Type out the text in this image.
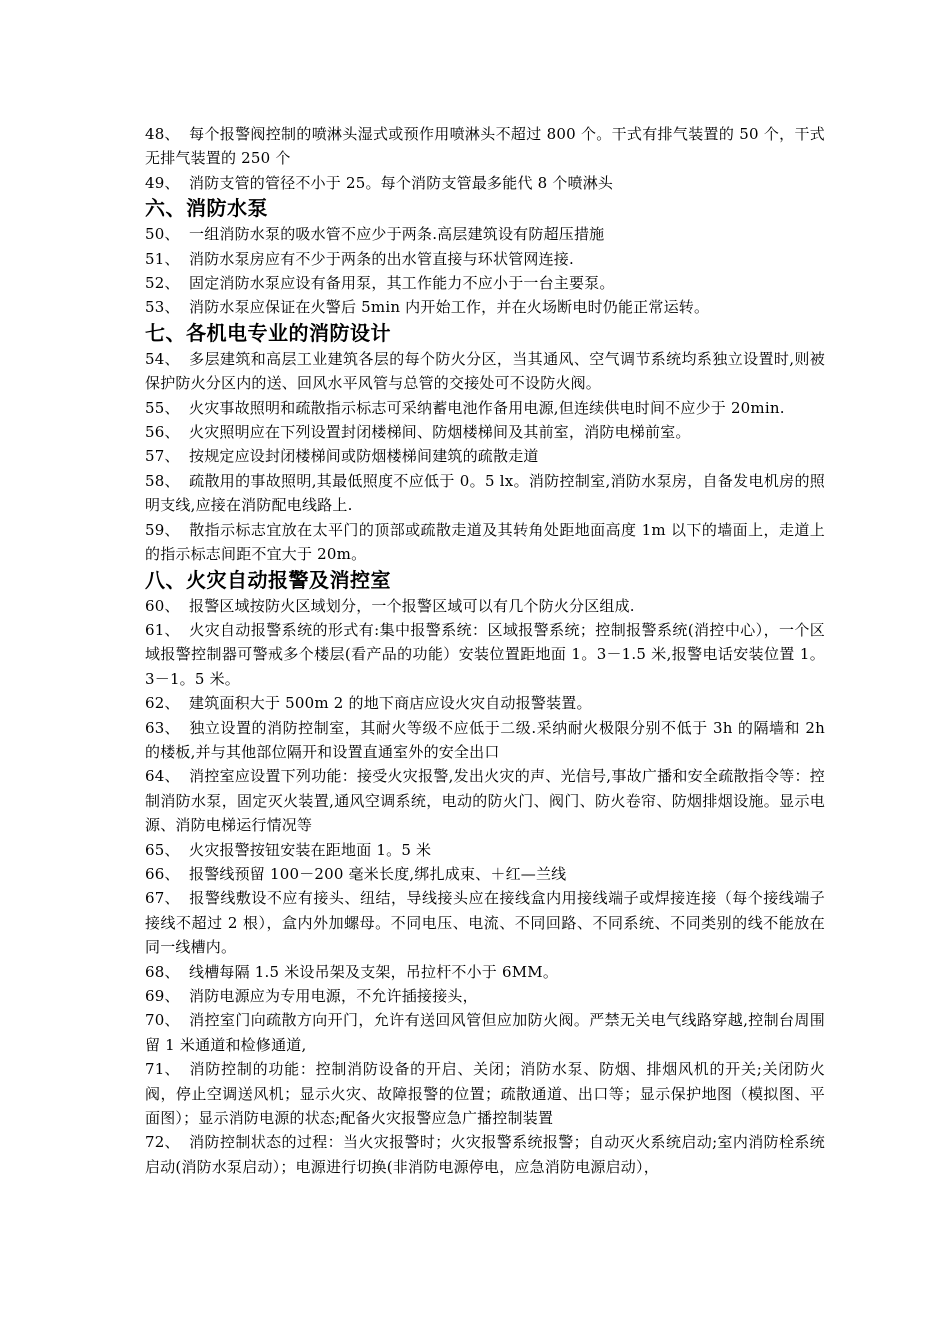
48、 每个报警阀控制的喷淋头湿式或预作用喷淋头不超过 800 个。干式有排气装置的 50 个，干式无排气装置的 250 个

49、 消防支管的管径不小于 25。每个消防支管最多能代 8 个喷淋头

六、消防水泵

50、 一组消防水泵的吸水管不应少于两条.高层建筑设有防超压措施

51、 消防水泵房应有不少于两条的出水管直接与环状管网连接.

52、 固定消防水泵应设有备用泵，其工作能力不应小于一台主要泵。

53、 消防水泵应保证在火警后 5min 内开始工作，并在火场断电时仍能正常运转。

七、各机电专业的消防设计

54、 多层建筑和高层工业建筑各层的每个防火分区，当其通风、空气调节系统均系独立设置时,则被保护防火分区内的送、回风水平风管与总管的交接处可不设防火阀。

55、 火灾事故照明和疏散指示标志可采纳蓄电池作备用电源,但连续供电时间不应少于 20min.

56、 火灾照明应在下列设置封闭楼梯间、防烟楼梯间及其前室，消防电梯前室。

57、 按规定应设封闭楼梯间或防烟楼梯间建筑的疏散走道

58、 疏散用的事故照明,其最低照度不应低于 0。5 lx。消防控制室,消防水泵房，自备发电机房的照明支线,应接在消防配电线路上.

59、 散指示标志宜放在太平门的顶部或疏散走道及其转角处距地面高度 1m 以下的墙面上，走道上的指示标志间距不宜大于 20m。

八、火灾自动报警及消控室

60、 报警区域按防火区域划分，一个报警区域可以有几个防火分区组成.

61、 火灾自动报警系统的形式有:集中报警系统：区域报警系统；控制报警系统(消控中心），一个区域报警控制器可警戒多个楼层(看产品的功能）安装位置距地面 1。3－1.5 米,报警电话安装位置 1。3－1。5 米。

62、 建筑面积大于 500m 2 的地下商店应设火灾自动报警装置。

63、 独立设置的消防控制室，其耐火等级不应低于二级.采纳耐火极限分别不低于 3h 的隔墙和 2h 的楼板,并与其他部位隔开和设置直通室外的安全出口

64、 消控室应设置下列功能：接受火灾报警,发出火灾的声、光信号,事故广播和安全疏散指令等：控制消防水泵，固定灭火装置,通风空调系统，电动的防火门、阀门、防火卷帘、防烟排烟设施。显示电源、消防电梯运行情况等

65、 火灾报警按钮安装在距地面 1。5 米

66、 报警线预留 100－200 毫米长度,绑扎成束、＋红—兰线

67、 报警线敷设不应有接头、纽结，导线接头应在接线盒内用接线端子或焊接连接（每个接线端子接线不超过 2 根），盒内外加螺母。不同电压、电流、不同回路、不同系统、不同类别的线不能放在同一线槽内。

68、 线槽每隔 1.5 米设吊架及支架，吊拉杆不小于 6MM。

69、 消防电源应为专用电源，不允许插接接头，

70、 消控室门向疏散方向开门，允许有送回风管但应加防火阀。严禁无关电气线路穿越,控制台周围留 1 米通道和检修通道,

71、 消防控制的功能：控制消防设备的开启、关闭；消防水泵、防烟、排烟风机的开关;关闭防火阀，停止空调送风机；显示火灾、故障报警的位置；疏散通道、出口等；显示保护地图（模拟图、平面图）；显示消防电源的状态;配备火灾报警应急广播控制装置

72、 消防控制状态的过程：当火灾报警时；火灾报警系统报警；自动灭火系统启动;室内消防栓系统启动(消防水泵启动）；电源进行切换(非消防电源停电，应急消防电源启动），
